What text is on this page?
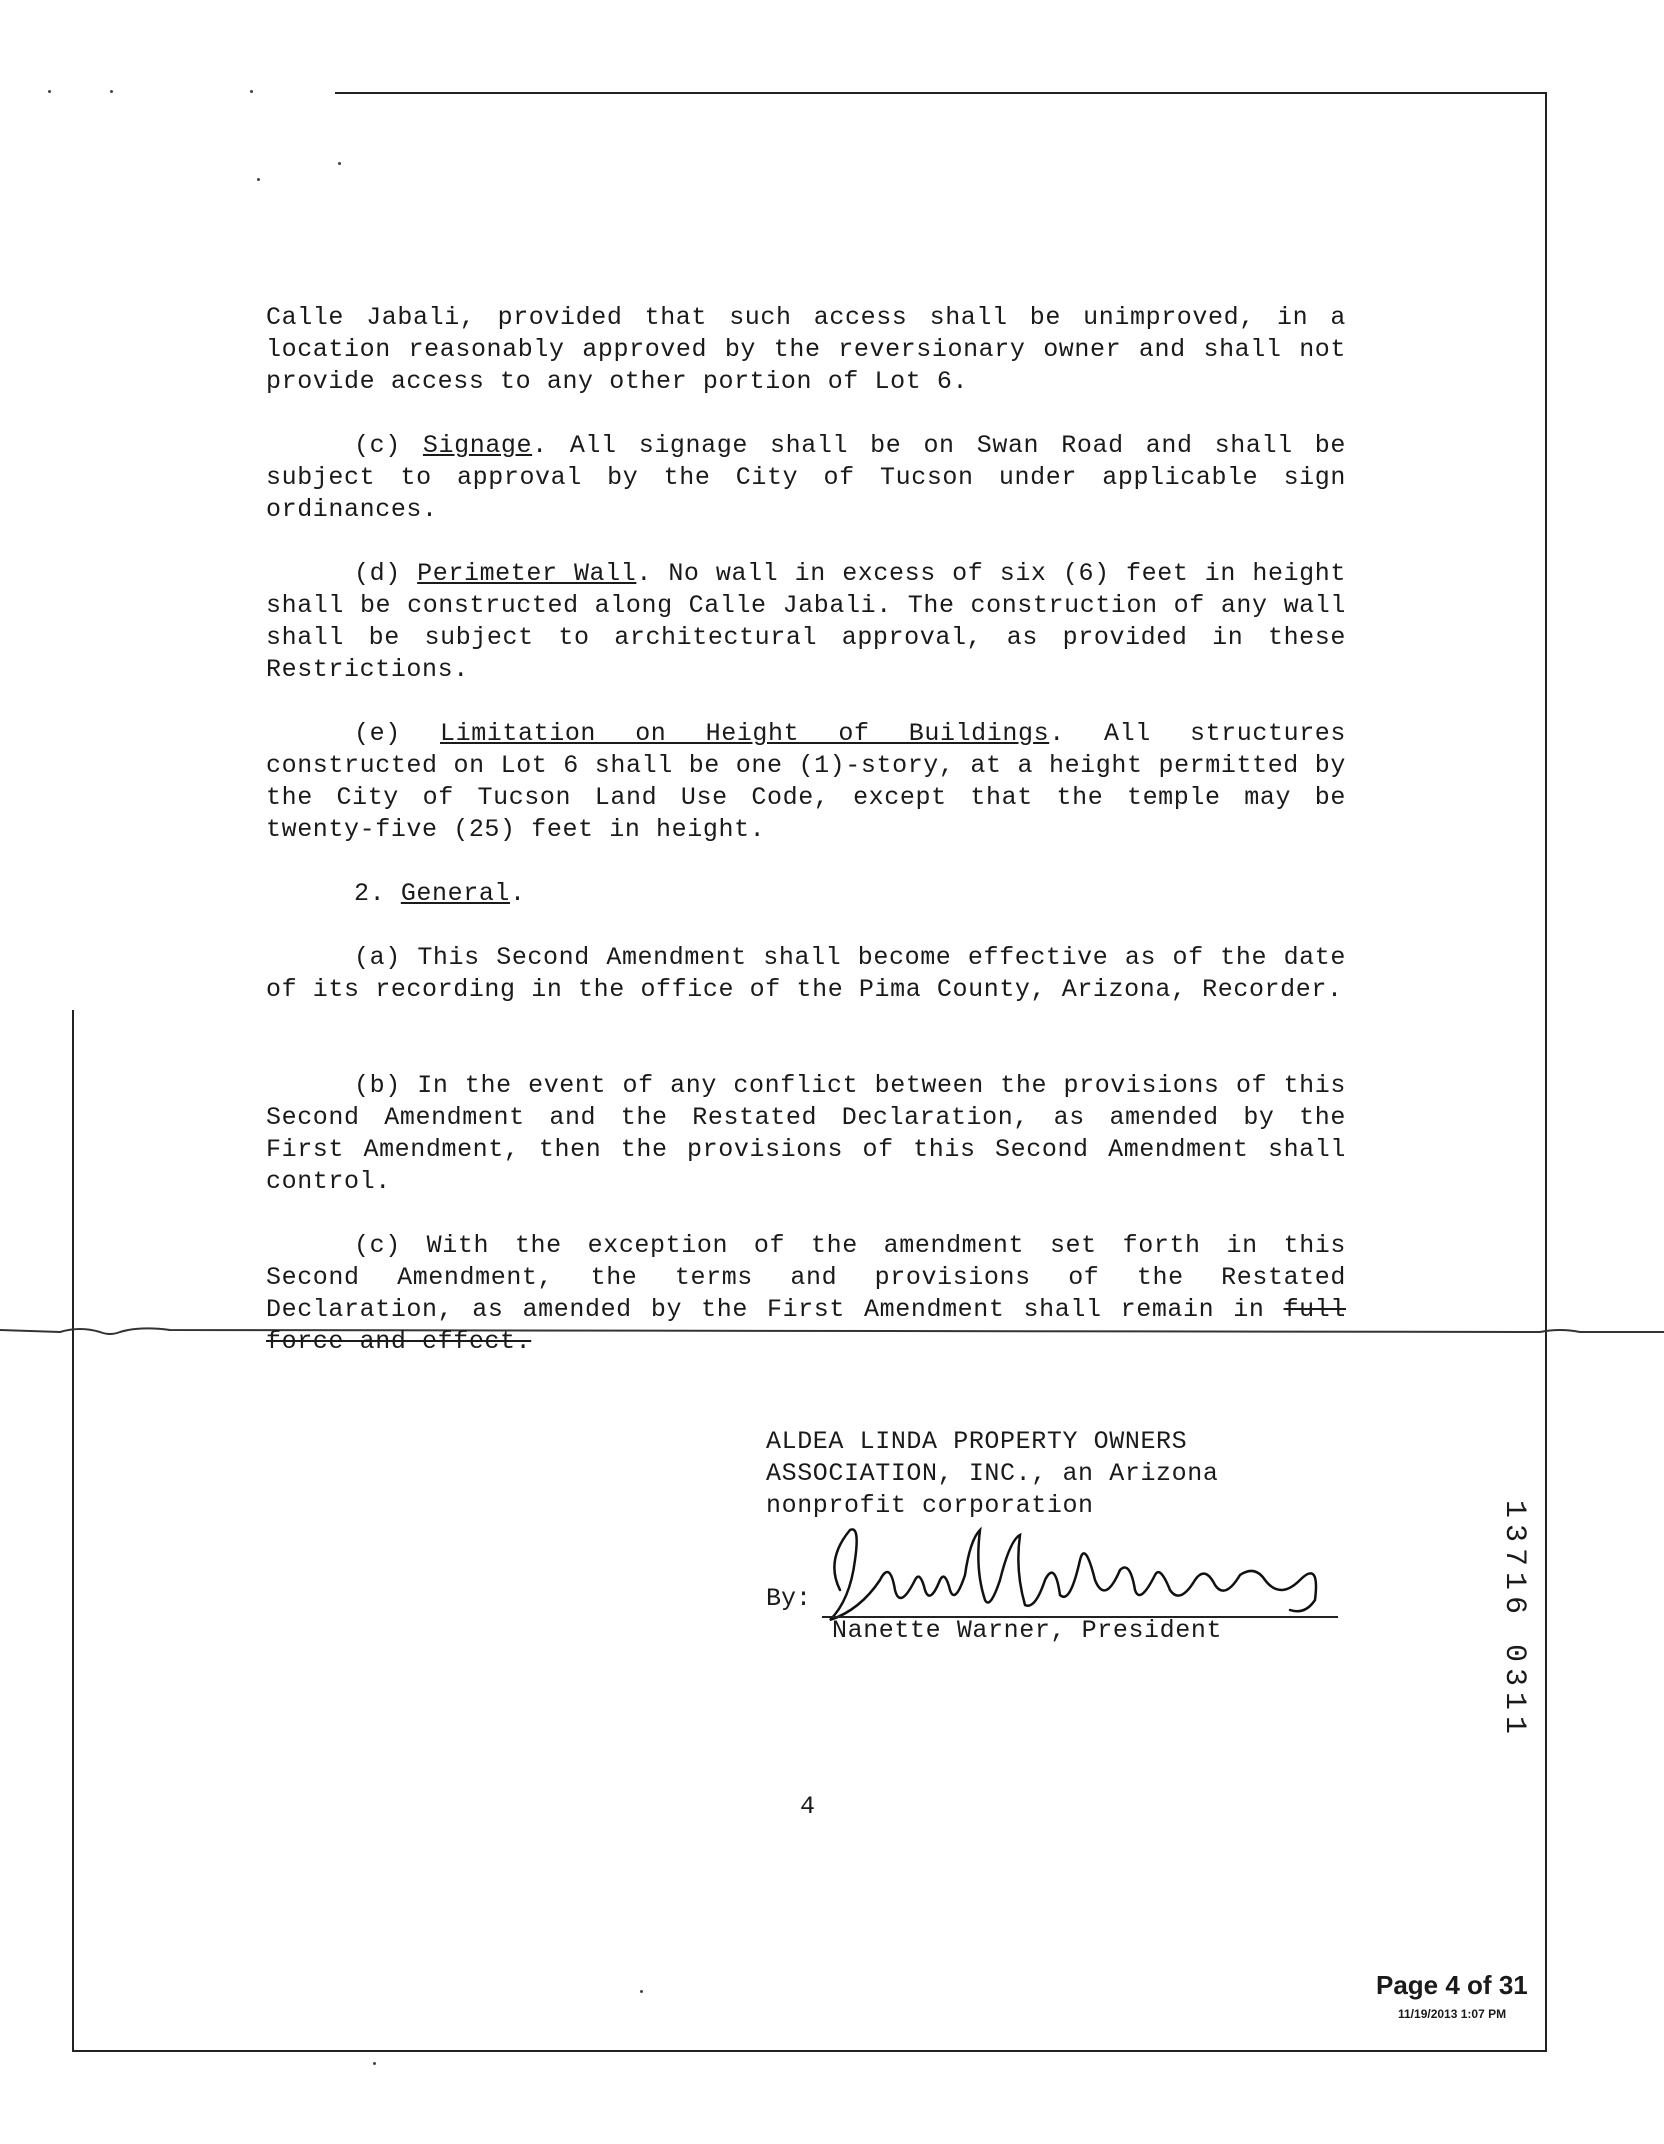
Calle Jabali, provided that such access shall be unimproved, in a location reasonably approved by the reversionary owner and shall not provide access to any other portion of Lot 6.

(c) Signage. All signage shall be on Swan Road and shall be subject to approval by the City of Tucson under applicable sign ordinances.

(d) Perimeter Wall. No wall in excess of six (6) feet in height shall be constructed along Calle Jabali. The construction of any wall shall be subject to architectural approval, as provided in these Restrictions.

(e) Limitation on Height of Buildings. All structures constructed on Lot 6 shall be one (1)-story, at a height permitted by the City of Tucson Land Use Code, except that the temple may be twenty-five (25) feet in height.

2. General.

(a) This Second Amendment shall become effective as of the date of its recording in the office of the Pima County, Arizona, Recorder.

(b) In the event of any conflict between the provisions of this Second Amendment and the Restated Declaration, as amended by the First Amendment, then the provisions of this Second Amendment shall control.

(c) With the exception of the amendment set forth in this Second Amendment, the terms and provisions of the Restated Declaration, as amended by the First Amendment shall remain in full force and effect.

ALDEA LINDA PROPERTY OWNERS
ASSOCIATION, INC., an Arizona
nonprofit corporation
By:
Nanette Warner, President
4
13716 0311
Page 4 of 31
11/19/2013 1:07 PM
